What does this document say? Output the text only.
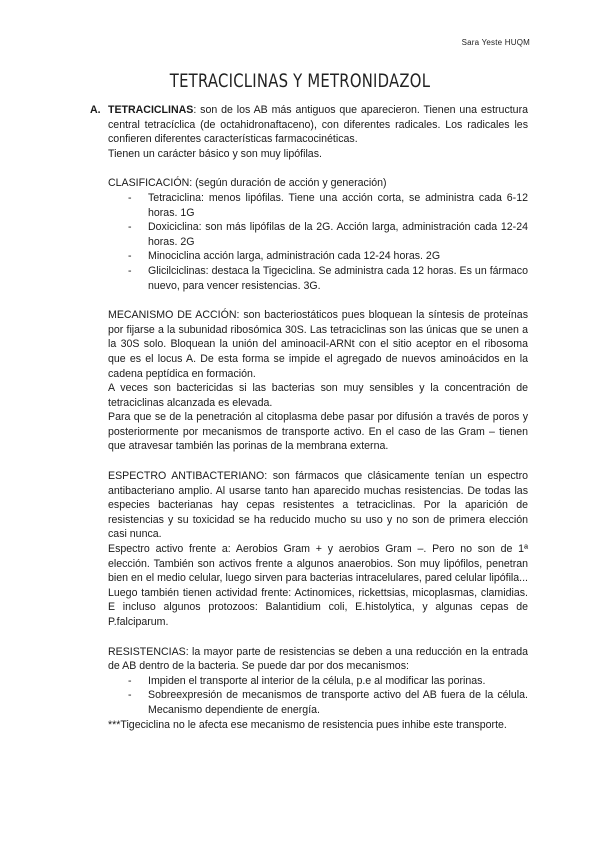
Sara Yeste HUQM
TETRACICLINAS Y METRONIDAZOL
A. TETRACICLINAS: son de los AB más antiguos que aparecieron. Tienen una estructura central tetracíclica (de octahidronaftaceno), con diferentes radicales. Los radicales les confieren diferentes características farmacocinéticas.

Tienen un carácter básico y son muy lipófilas.

CLASIFICACIÓN: (según duración de acción y generación)

- Tetraciclina: menos lipófilas. Tiene una acción corta, se administra cada 6-12 horas. 1G
- Doxiciclina: son más lipófilas de la 2G. Acción larga, administración cada 12-24 horas. 2G
- Minociclina acción larga, administración cada 12-24 horas. 2G
- Glicilciclinas: destaca la Tigeciclina. Se administra cada 12 horas. Es un fármaco nuevo, para vencer resistencias. 3G.

MECANISMO DE ACCIÓN: son bacteriostáticos pues bloquean la síntesis de proteínas por fijarse a la subunidad ribosómica 30S. Las tetraciclinas son las únicas que se unen a la 30S solo. Bloquean la unión del aminoacil-ARNt con el sitio aceptor en el ribosoma que es el locus A. De esta forma se impide el agregado de nuevos aminoácidos en la cadena peptídica en formación.

A veces son bactericidas si las bacterias son muy sensibles y la concentración de tetraciclinas alcanzada es elevada.

Para que se de la penetración al citoplasma debe pasar por difusión a través de poros y posteriormente por mecanismos de transporte activo. En el caso de las Gram – tienen que atravesar también las porinas de la membrana externa.

ESPECTRO ANTIBACTERIANO: son fármacos que clásicamente tenían un espectro antibacteriano amplio. Al usarse tanto han aparecido muchas resistencias. De todas las especies bacterianas hay cepas resistentes a tetraciclinas. Por la aparición de resistencias y su toxicidad se ha reducido mucho su uso y no son de primera elección casi nunca.

Espectro activo frente a: Aerobios Gram + y aerobios Gram –. Pero no son de 1ª elección. También son activos frente a algunos anaerobios. Son muy lipófilos, penetran bien en el medio celular, luego sirven para bacterias intracelulares, pared celular lipófila... Luego también tienen actividad frente: Actinomices, rickettsias, micoplasmas, clamidias. E incluso algunos protozoos: Balantidium coli, E.histolytica, y algunas cepas de P.falciparum.

RESISTENCIAS: la mayor parte de resistencias se deben a una reducción en la entrada de AB dentro de la bacteria. Se puede dar por dos mecanismos:

- Impiden el transporte al interior de la célula, p.e al modificar las porinas.
- Sobreexpresión de mecanismos de transporte activo del AB fuera de la célula. Mecanismo dependiente de energía.
***Tigeciclina no le afecta ese mecanismo de resistencia pues inhibe este transporte.
